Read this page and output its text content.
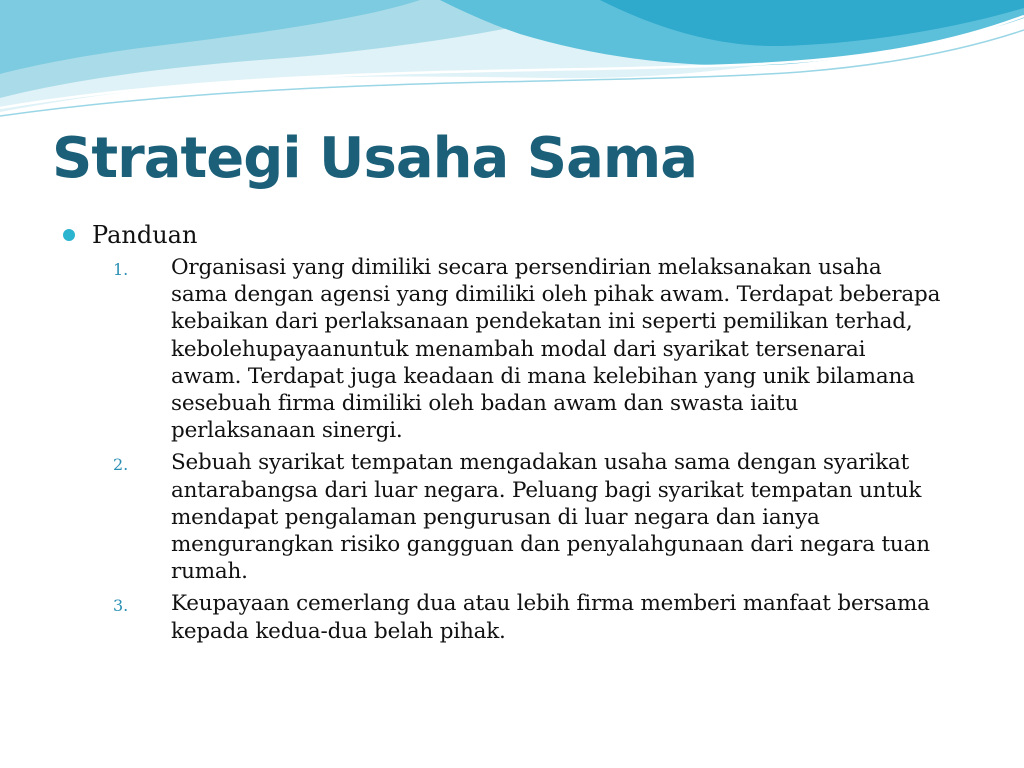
Strategi Usaha Sama
Panduan
1.	Organisasi yang dimiliki secara persendirian melaksanakan usaha sama dengan agensi yang dimiliki oleh pihak awam. Terdapat beberapa kebaikan dari perlaksanaan pendekatan ini seperti pemilikan terhad, kebolehupayaanuntuk menambah modal dari syarikat tersenarai awam. Terdapat juga keadaan di mana kelebihan yang unik bilamana sesebuah firma dimiliki oleh badan awam dan swasta iaitu perlaksanaan sinergi.
2.	Sebuah syarikat tempatan mengadakan usaha sama dengan syarikat antarabangsa dari luar negara. Peluang bagi syarikat tempatan untuk mendapat pengalaman pengurusan di luar negara dan ianya mengurangkan risiko gangguan dan penyalahgunaan dari negara tuan rumah.
3.	Keupayaan cemerlang dua atau lebih firma memberi manfaat bersama kepada kedua-dua belah pihak.
